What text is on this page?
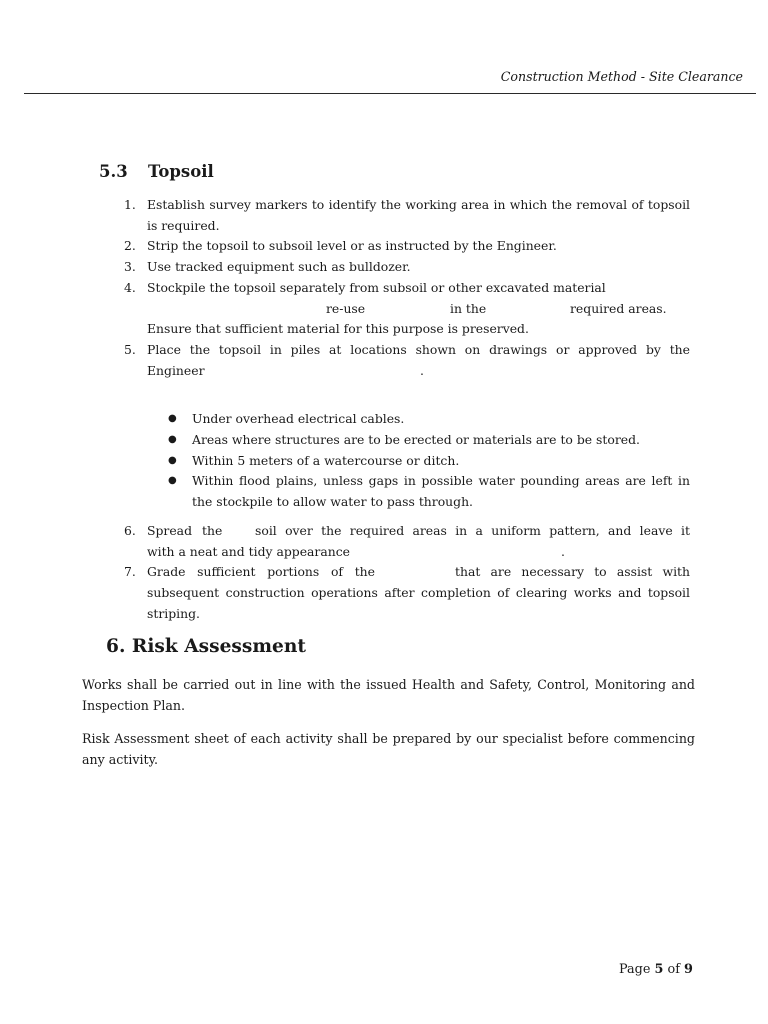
Construction Method - Site Clearance
5.3 Topsoil
1. Establish survey markers to identify the working area in which the removal of topsoil is required.
2. Strip the topsoil to subsoil level or as instructed by the Engineer.
3. Use tracked equipment such as bulldozer.
4. Stockpile the topsoil separately from subsoil or other excavated material
re-use	in the	required areas.
Ensure that sufficient material for this purpose is preserved.
5. Place the topsoil in piles at locations shown on drawings or approved by the
Engineer	.
●	Under overhead electrical cables.
●	Areas where structures are to be erected or materials are to be stored.
●	Within 5 meters of a watercourse or ditch.
●	Within flood plains, unless gaps in possible water pounding areas are left in the stockpile to allow water to pass through.
6. Spread the	soil over the required areas in a uniform pattern, and leave it
with a neat and tidy appearance	.
7. Grade sufficient portions of the	that are necessary to assist with
subsequent construction operations after completion of clearing works and topsoil striping.
6. Risk Assessment
Works shall be carried out in line with the issued Health and Safety, Control, Monitoring and Inspection Plan.
Risk Assessment sheet of each activity shall be prepared by our specialist before commencing any activity.
Page 5 of 9
